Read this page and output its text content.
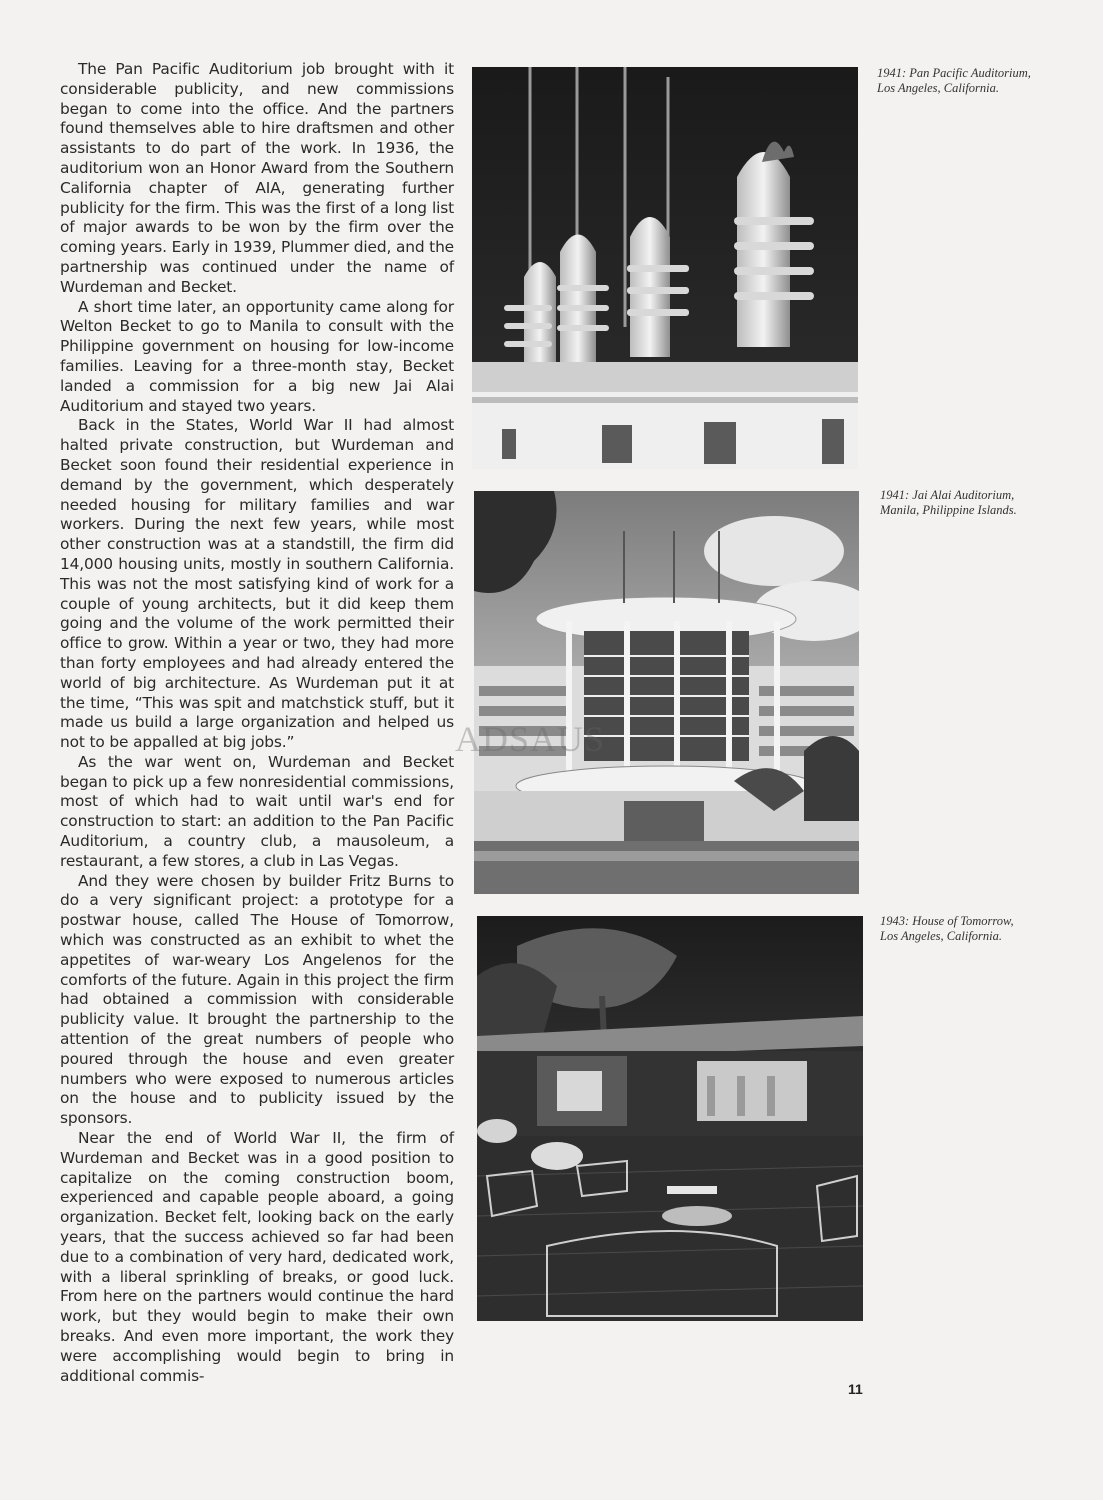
The Pan Pacific Auditorium job brought with it considerable publicity, and new commissions began to come into the office. And the partners found themselves able to hire draftsmen and other assistants to do part of the work. In 1936, the auditorium won an Honor Award from the Southern California chapter of AIA, generating further publicity for the firm. This was the first of a long list of major awards to be won by the firm over the coming years. Early in 1939, Plummer died, and the partnership was continued under the name of Wurdeman and Becket.

A short time later, an opportunity came along for Welton Becket to go to Manila to consult with the Philippine government on housing for low-income families. Leaving for a three-month stay, Becket landed a commission for a big new Jai Alai Auditorium and stayed two years.

Back in the States, World War II had almost halted private construction, but Wurdeman and Becket soon found their residential experience in demand by the government, which desperately needed housing for military families and war workers. During the next few years, while most other construction was at a standstill, the firm did 14,000 housing units, mostly in southern California. This was not the most satisfying kind of work for a couple of young architects, but it did keep them going and the volume of the work permitted their office to grow. Within a year or two, they had more than forty employees and had already entered the world of big architecture. As Wurdeman put it at the time, “This was spit and matchstick stuff, but it made us build a large organization and helped us not to be appalled at big jobs.”

As the war went on, Wurdeman and Becket began to pick up a few nonresidential commissions, most of which had to wait until war's end for construction to start: an addition to the Pan Pacific Auditorium, a country club, a mausoleum, a restaurant, a few stores, a club in Las Vegas.

And they were chosen by builder Fritz Burns to do a very significant project: a prototype for a postwar house, called The House of Tomorrow, which was constructed as an exhibit to whet the appetites of war-weary Los Angelenos for the comforts of the future. Again in this project the firm had obtained a commission with considerable publicity value. It brought the partnership to the attention of the great numbers of people who poured through the house and even greater numbers who were exposed to numerous articles on the house and to publicity issued by the sponsors.

Near the end of World War II, the firm of Wurdeman and Becket was in a good position to capitalize on the coming construction boom, experienced and capable people aboard, a going organization. Becket felt, looking back on the early years, that the success achieved so far had been due to a combination of very hard, dedicated work, with a liberal sprinkling of breaks, or good luck. From here on the partners would continue the hard work, but they would begin to make their own breaks. And even more important, the work they were accomplishing would begin to bring in additional commis-

1941: Pan Pacific Auditorium,
Los Angeles, California.
1941: Jai Alai Auditorium,
Manila, Philippine Islands.
1943: House of Tomorrow,
Los Angeles, California.
ADSAUS
11
